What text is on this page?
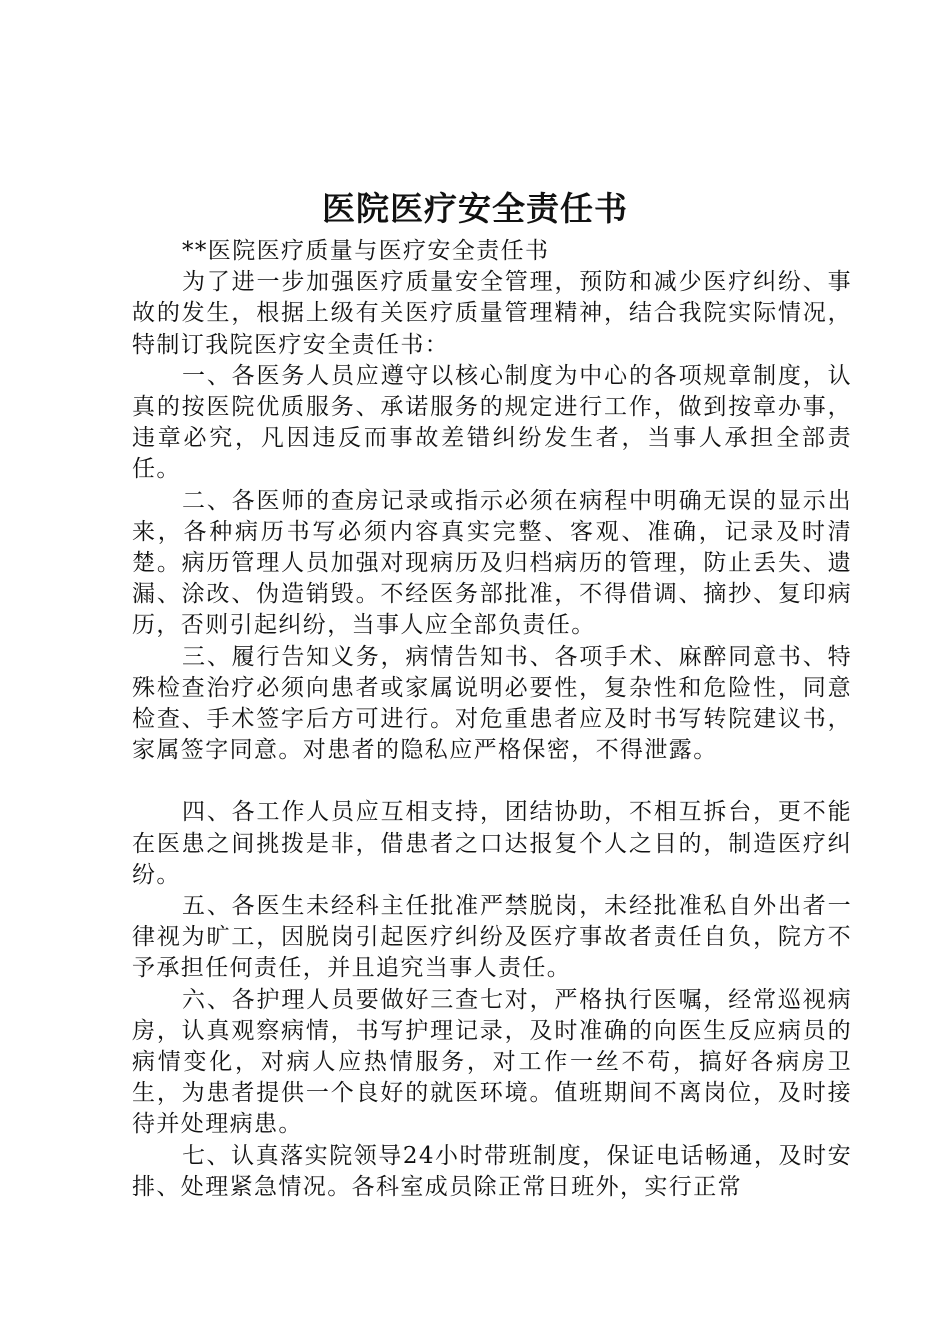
医院医疗安全责任书

**医院医疗质量与医疗安全责任书

为了进一步加强医疗质量安全管理，预防和减少医疗纠纷、事故的发生，根据上级有关医疗质量管理精神，结合我院实际情况，特制订我院医疗安全责任书：

一、各医务人员应遵守以核心制度为中心的各项规章制度，认真的按医院优质服务、承诺服务的规定进行工作，做到按章办事，违章必究，凡因违反而事故差错纠纷发生者，当事人承担全部责任。

二、各医师的查房记录或指示必须在病程中明确无误的显示出来，各种病历书写必须内容真实完整、客观、准确，记录及时清楚。病历管理人员加强对现病历及归档病历的管理，防止丢失、遗漏、涂改、伪造销毁。不经医务部批准，不得借调、摘抄、复印病历，否则引起纠纷，当事人应全部负责任。

三、履行告知义务，病情告知书、各项手术、麻醉同意书、特殊检查治疗必须向患者或家属说明必要性，复杂性和危险性，同意检查、手术签字后方可进行。对危重患者应及时书写转院建议书，家属签字同意。对患者的隐私应严格保密，不得泄露。

四、各工作人员应互相支持，团结协助，不相互拆台，更不能在医患之间挑拨是非，借患者之口达报复个人之目的，制造医疗纠纷。

五、各医生未经科主任批准严禁脱岗，未经批准私自外出者一律视为旷工，因脱岗引起医疗纠纷及医疗事故者责任自负，院方不予承担任何责任，并且追究当事人责任。

六、各护理人员要做好三查七对，严格执行医嘱，经常巡视病房，认真观察病情，书写护理记录，及时准确的向医生反应病员的病情变化，对病人应热情服务，对工作一丝不苟，搞好各病房卫生，为患者提供一个良好的就医环境。值班期间不离岗位，及时接待并处理病患。

七、认真落实院领导24小时带班制度，保证电话畅通，及时安排、处理紧急情况。各科室成员除正常日班外，实行正常
